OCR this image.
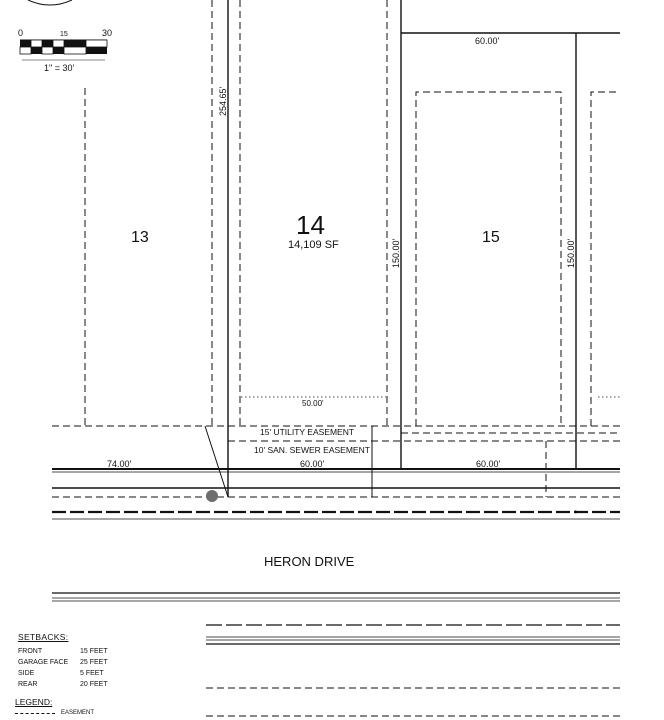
0	15	30
1" = 30'
4
13	14
14,109 SF	15
254.65'
60.00'
50.00'
150.00'	150.00'
74.00'	60.00'	60.00'
15' UTILITY EASEMENT
10' SAN. SEWER EASEMENT
HERON DRIVE
SETBACKS:
FRONT	15 FEET
GARAGE FACE	25 FEET
SIDE	5 FEET
REAR	20 FEET
LEGEND:
EASEMENT
